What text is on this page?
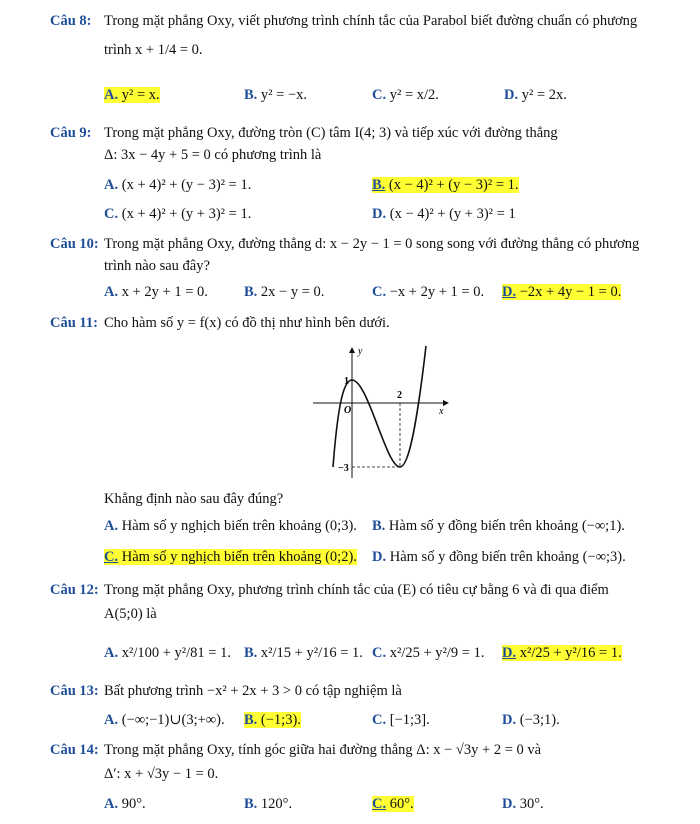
Câu 8: Trong mặt phẳng Oxy, viết phương trình chính tắc của Parabol biết đường chuẩn có phương
trình x + 1/4 = 0.
A. y² = x.	B. y² = −x.	C. y² = x/2.	D. y² = 2x.
Câu 9: Trong mặt phẳng Oxy, đường tròn (C) tâm I(4; 3) và tiếp xúc với đường thẳng
Δ: 3x − 4y + 5 = 0 có phương trình là
A. (x + 4)² + (y − 3)² = 1.	B. (x − 4)² + (y − 3)² = 1.
C. (x + 4)² + (y + 3)² = 1.	D. (x − 4)² + (y + 3)² = 1
Câu 10: Trong mặt phẳng Oxy, đường thẳng d: x − 2y − 1 = 0 song song với đường thẳng có phương
trình nào sau đây?
A. x + 2y + 1 = 0. B. 2x − y = 0.	C. −x + 2y + 1 = 0. D. −2x + 4y − 1 = 0.
Câu 11: Cho hàm số y = f(x) có đồ thị như hình bên dưới.
y
x
O
1
−3
2
Khẳng định nào sau đây đúng?
A. Hàm số y nghịch biến trên khoảng (0;3). B. Hàm số y đồng biến trên khoảng (−∞;1).
C. Hàm số y nghịch biến trên khoảng (0;2). D. Hàm số y đồng biến trên khoảng (−∞;3).
Câu 12: Trong mặt phẳng Oxy, phương trình chính tắc của (E) có tiêu cự bằng 6 và đi qua điểm
A(5;0) là
A. x²/100 + y²/81 = 1. B. x²/15 + y²/16 = 1. C. x²/25 + y²/9 = 1. D. x²/25 + y²/16 = 1.
Câu 13: Bất phương trình −x² + 2x + 3 > 0 có tập nghiệm là
A. (−∞;−1)∪(3;+∞). B. (−1;3).	C. [−1;3].	D. (−3;1).
Câu 14: Trong mặt phẳng Oxy, tính góc giữa hai đường thẳng Δ: x − √3y + 2 = 0 và
Δ′: x + √3y − 1 = 0.
A. 90°.	B. 120°.	C. 60°.	D. 30°.
